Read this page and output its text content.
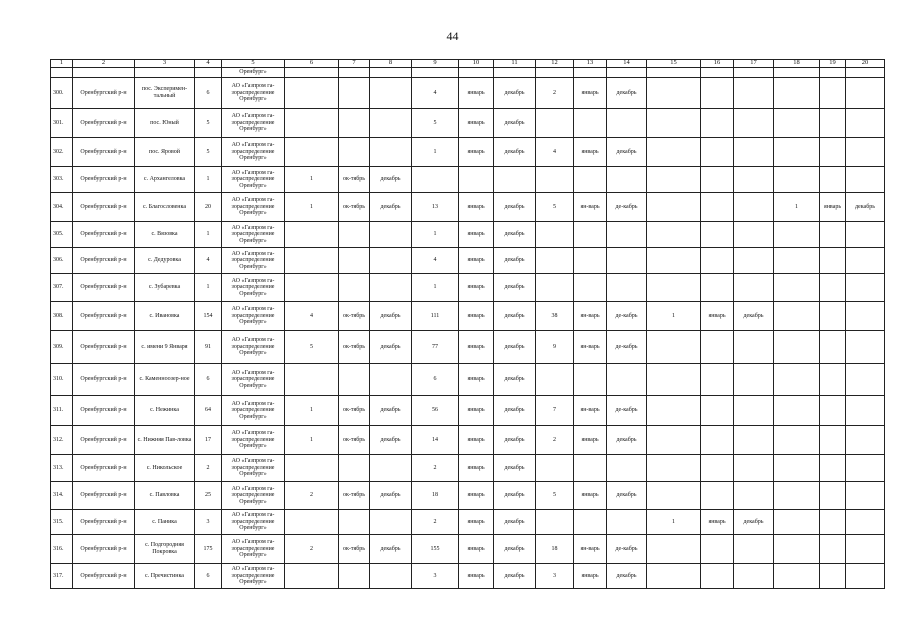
44
1	2	3	4	5	6	7	8	9	10	11	12	13	14	15	16	17	18	19	20
				Оренбург»															
300.	Оренбургский р-н	пос. Эксперимен-тальный	6	АО «Газпром га-зораспределение Оренбург»				4	январь	декабрь	2	январь	декабрь						
301.	Оренбургский р-н	пос. Юный	5	АО «Газпром га-зораспределение Оренбург»				5	январь	декабрь									
302.	Оренбургский р-н	пос. Яровой	5	АО «Газпром га-зораспределение Оренбург»				1	январь	декабрь	4	январь	декабрь						
303.	Оренбургский р-н	с. Архангеловка	1	АО «Газпром га-зораспределение Оренбург»	1	ок-тябрь	декабрь												
304.	Оренбургский р-н	с. Благословенка	20	АО «Газпром га-зораспределение Оренбург»	1	ок-тябрь	декабрь	13	январь	декабрь	5	ян-варь	де-кабрь				1	январь	декабрь
305.	Оренбургский р-н	с. Вязовка	1	АО «Газпром га-зораспределение Оренбург»				1	январь	декабрь									
306.	Оренбургский р-н	с. Дедуровка	4	АО «Газпром га-зораспределение Оренбург»				4	январь	декабрь									
307.	Оренбургский р-н	с. Зубаревка	1	АО «Газпром га-зораспределение Оренбург»				1	январь	декабрь									
308.	Оренбургский р-н	с. Ивановка	154	АО «Газпром га-зораспределение Оренбург»	4	ок-тябрь	декабрь	111	январь	декабрь	38	ян-варь	де-кабрь	1	январь	декабрь			
309.	Оренбургский р-н	с. имени 9 Января	91	АО «Газпром га-зораспределение Оренбург»	5	ок-тябрь	декабрь	77	январь	декабрь	9	ян-варь	де-кабрь						
310.	Оренбургский р-н	с. Каменноозер-ное	6	АО «Газпром га-зораспределение Оренбург»				6	январь	декабрь									
311.	Оренбургский р-н	с. Нежинка	64	АО «Газпром га-зораспределение Оренбург»	1	ок-тябрь	декабрь	56	январь	декабрь	7	ян-варь	де-кабрь						
312.	Оренбургский р-н	с. Нижняя Пав-ловка	17	АО «Газпром га-зораспределение Оренбург»	1	ок-тябрь	декабрь	14	январь	декабрь	2	январь	декабрь						
313.	Оренбургский р-н	с. Никольское	2	АО «Газпром га-зораспределение Оренбург»				2	январь	декабрь									
314.	Оренбургский р-н	с. Павловка	25	АО «Газпром га-зораспределение Оренбург»	2	ок-тябрь	декабрь	18	январь	декабрь	5	январь	декабрь						
315.	Оренбургский р-н	с. Паника	3	АО «Газпром га-зораспределение Оренбург»				2	январь	декабрь				1	январь	декабрь			
316.	Оренбургский р-н	с. Подгородняя Покровка	175	АО «Газпром га-зораспределение Оренбург»	2	ок-тябрь	декабрь	155	январь	декабрь	18	ян-варь	де-кабрь						
317.	Оренбургский р-н	с. Пречистинка	6	АО «Газпром га-зораспределение Оренбург»				3	январь	декабрь	3	январь	декабрь						
